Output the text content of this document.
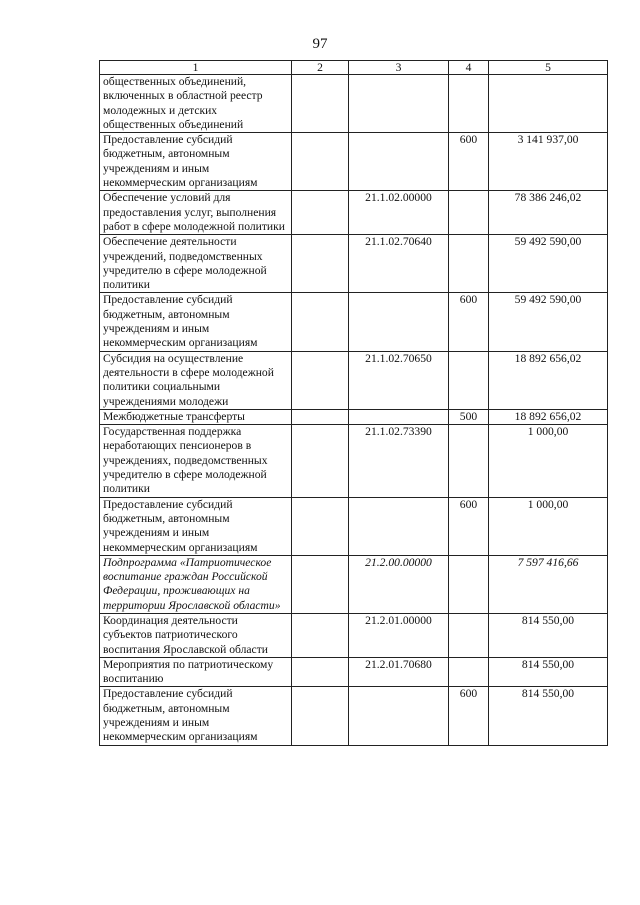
97
1	2	3	4	5
общественных объединений, включенных в областной реестр молодежных и детских общественных объединений				
Предоставление субсидий бюджетным, автономным учреждениям и иным некоммерческим организациям			600	3 141 937,00
Обеспечение условий для предоставления услуг, выполнения работ в сфере молодежной политики		21.1.02.00000		78 386 246,02
Обеспечение деятельности учреждений, подведомственных учредителю в сфере молодежной политики		21.1.02.70640		59 492 590,00
Предоставление субсидий бюджетным, автономным учреждениям и иным некоммерческим организациям			600	59 492 590,00
Субсидия на осуществление деятельности в сфере молодежной политики социальными учреждениями молодежи		21.1.02.70650		18 892 656,02
Межбюджетные трансферты			500	18 892 656,02
Государственная поддержка неработающих пенсионеров в учреждениях, подведомственных учредителю в сфере молодежной политики		21.1.02.73390		1 000,00
Предоставление субсидий бюджетным, автономным учреждениям и иным некоммерческим организациям			600	1 000,00
Подпрограмма «Патриотическое воспитание граждан Российской Федерации, проживающих на территории Ярославской области»		21.2.00.00000		7 597 416,66
Координация деятельности субъектов патриотического воспитания Ярославской области		21.2.01.00000		814 550,00
Мероприятия по патриотическому воспитанию		21.2.01.70680		814 550,00
Предоставление субсидий бюджетным, автономным учреждениям и иным некоммерческим организациям			600	814 550,00
